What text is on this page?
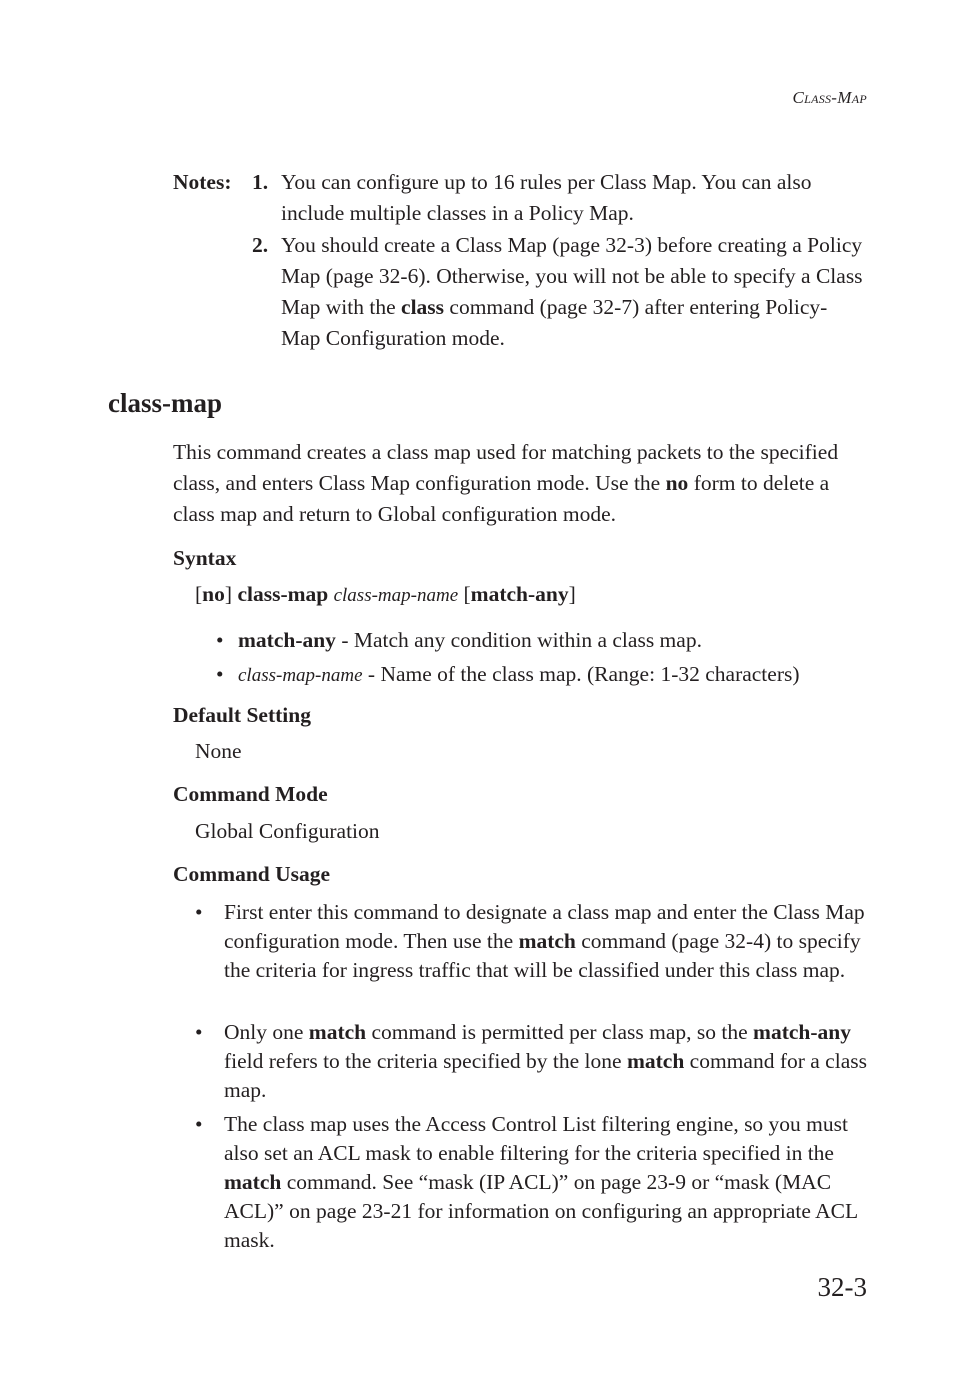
Class-Map
Notes: 1. You can configure up to 16 rules per Class Map. You can also include multiple classes in a Policy Map.
2. You should create a Class Map (page 32-3) before creating a Policy Map (page 32-6). Otherwise, you will not be able to specify a Class Map with the class command (page 32-7) after entering Policy-Map Configuration mode.
class-map
This command creates a class map used for matching packets to the specified class, and enters Class Map configuration mode. Use the no form to delete a class map and return to Global configuration mode.
Syntax
[no] class-map class-map-name [match-any]
• match-any - Match any condition within a class map.
• class-map-name - Name of the class map. (Range: 1-32 characters)
Default Setting
None
Command Mode
Global Configuration
Command Usage
• First enter this command to designate a class map and enter the Class Map configuration mode. Then use the match command (page 32-4) to specify the criteria for ingress traffic that will be classified under this class map.
• Only one match command is permitted per class map, so the match-any field refers to the criteria specified by the lone match command for a class map.
• The class map uses the Access Control List filtering engine, so you must also set an ACL mask to enable filtering for the criteria specified in the match command. See “mask (IP ACL)” on page 23-9 or “mask (MAC ACL)” on page 23-21 for information on configuring an appropriate ACL mask.
32-3
